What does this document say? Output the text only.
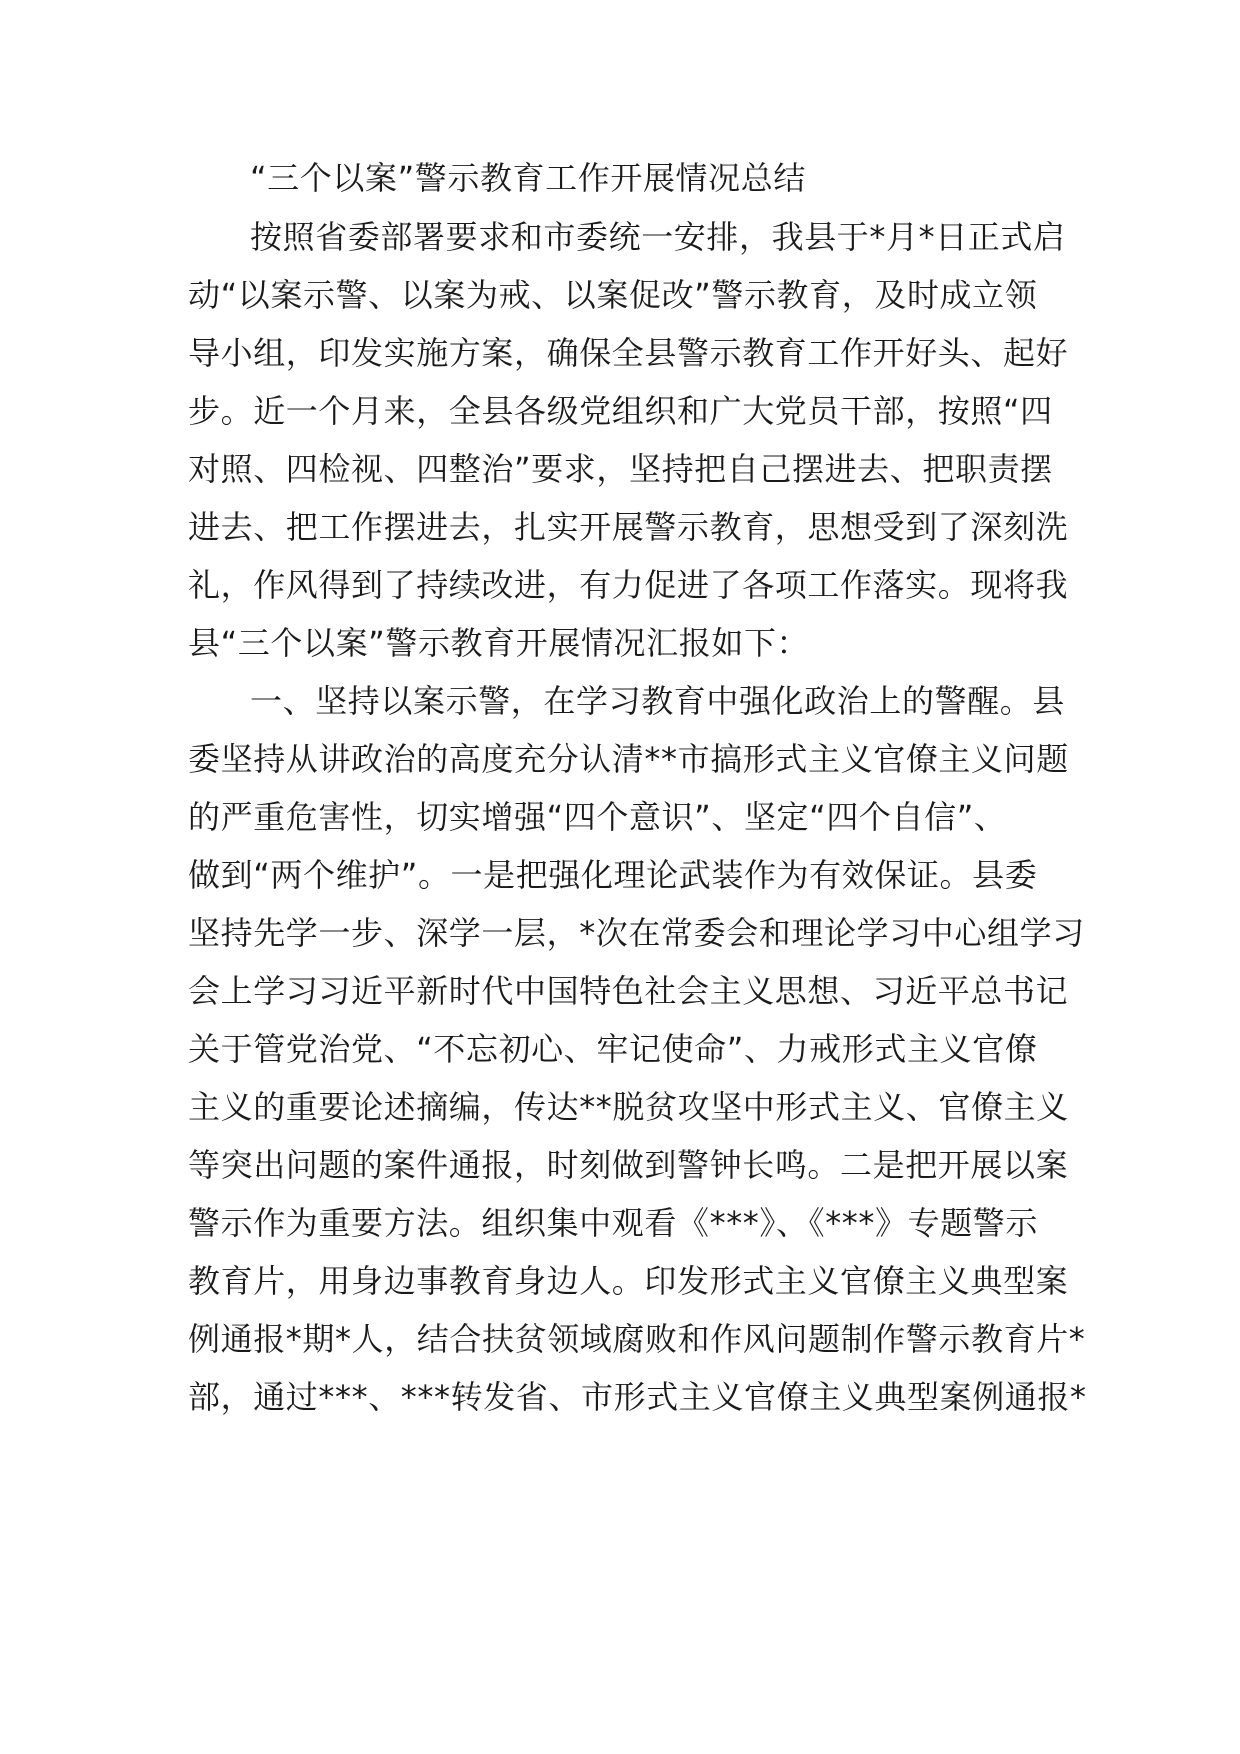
“三个以案”警示教育工作开展情况总结
按照省委部署要求和市委统一安排，我县于*月*日正式启
动“以案示警、以案为戒、以案促改”警示教育，及时成立领
导小组，印发实施方案，确保全县警示教育工作开好头、起好
步。近一个月来，全县各级党组织和广大党员干部，按照“四
对照、四检视、四整治”要求，坚持把自己摆进去、把职责摆
进去、把工作摆进去，扎实开展警示教育，思想受到了深刻洗
礼，作风得到了持续改进，有力促进了各项工作落实。现将我
县“三个以案”警示教育开展情况汇报如下：
一、坚持以案示警，在学习教育中强化政治上的警醒。县
委坚持从讲政治的高度充分认清**市搞形式主义官僚主义问题
的严重危害性，切实增强“四个意识”、坚定“四个自信”、
做到“两个维护”。一是把强化理论武装作为有效保证。县委
坚持先学一步、深学一层，*次在常委会和理论学习中心组学习
会上学习习近平新时代中国特色社会主义思想、习近平总书记
关于管党治党、“不忘初心、牢记使命”、力戒形式主义官僚
主义的重要论述摘编，传达**脱贫攻坚中形式主义、官僚主义
等突出问题的案件通报，时刻做到警钟长鸣。二是把开展以案
警示作为重要方法。组织集中观看《***》、《***》专题警示
教育片，用身边事教育身边人。印发形式主义官僚主义典型案
例通报*期*人，结合扶贫领域腐败和作风问题制作警示教育片*
部，通过***、***转发省、市形式主义官僚主义典型案例通报*
